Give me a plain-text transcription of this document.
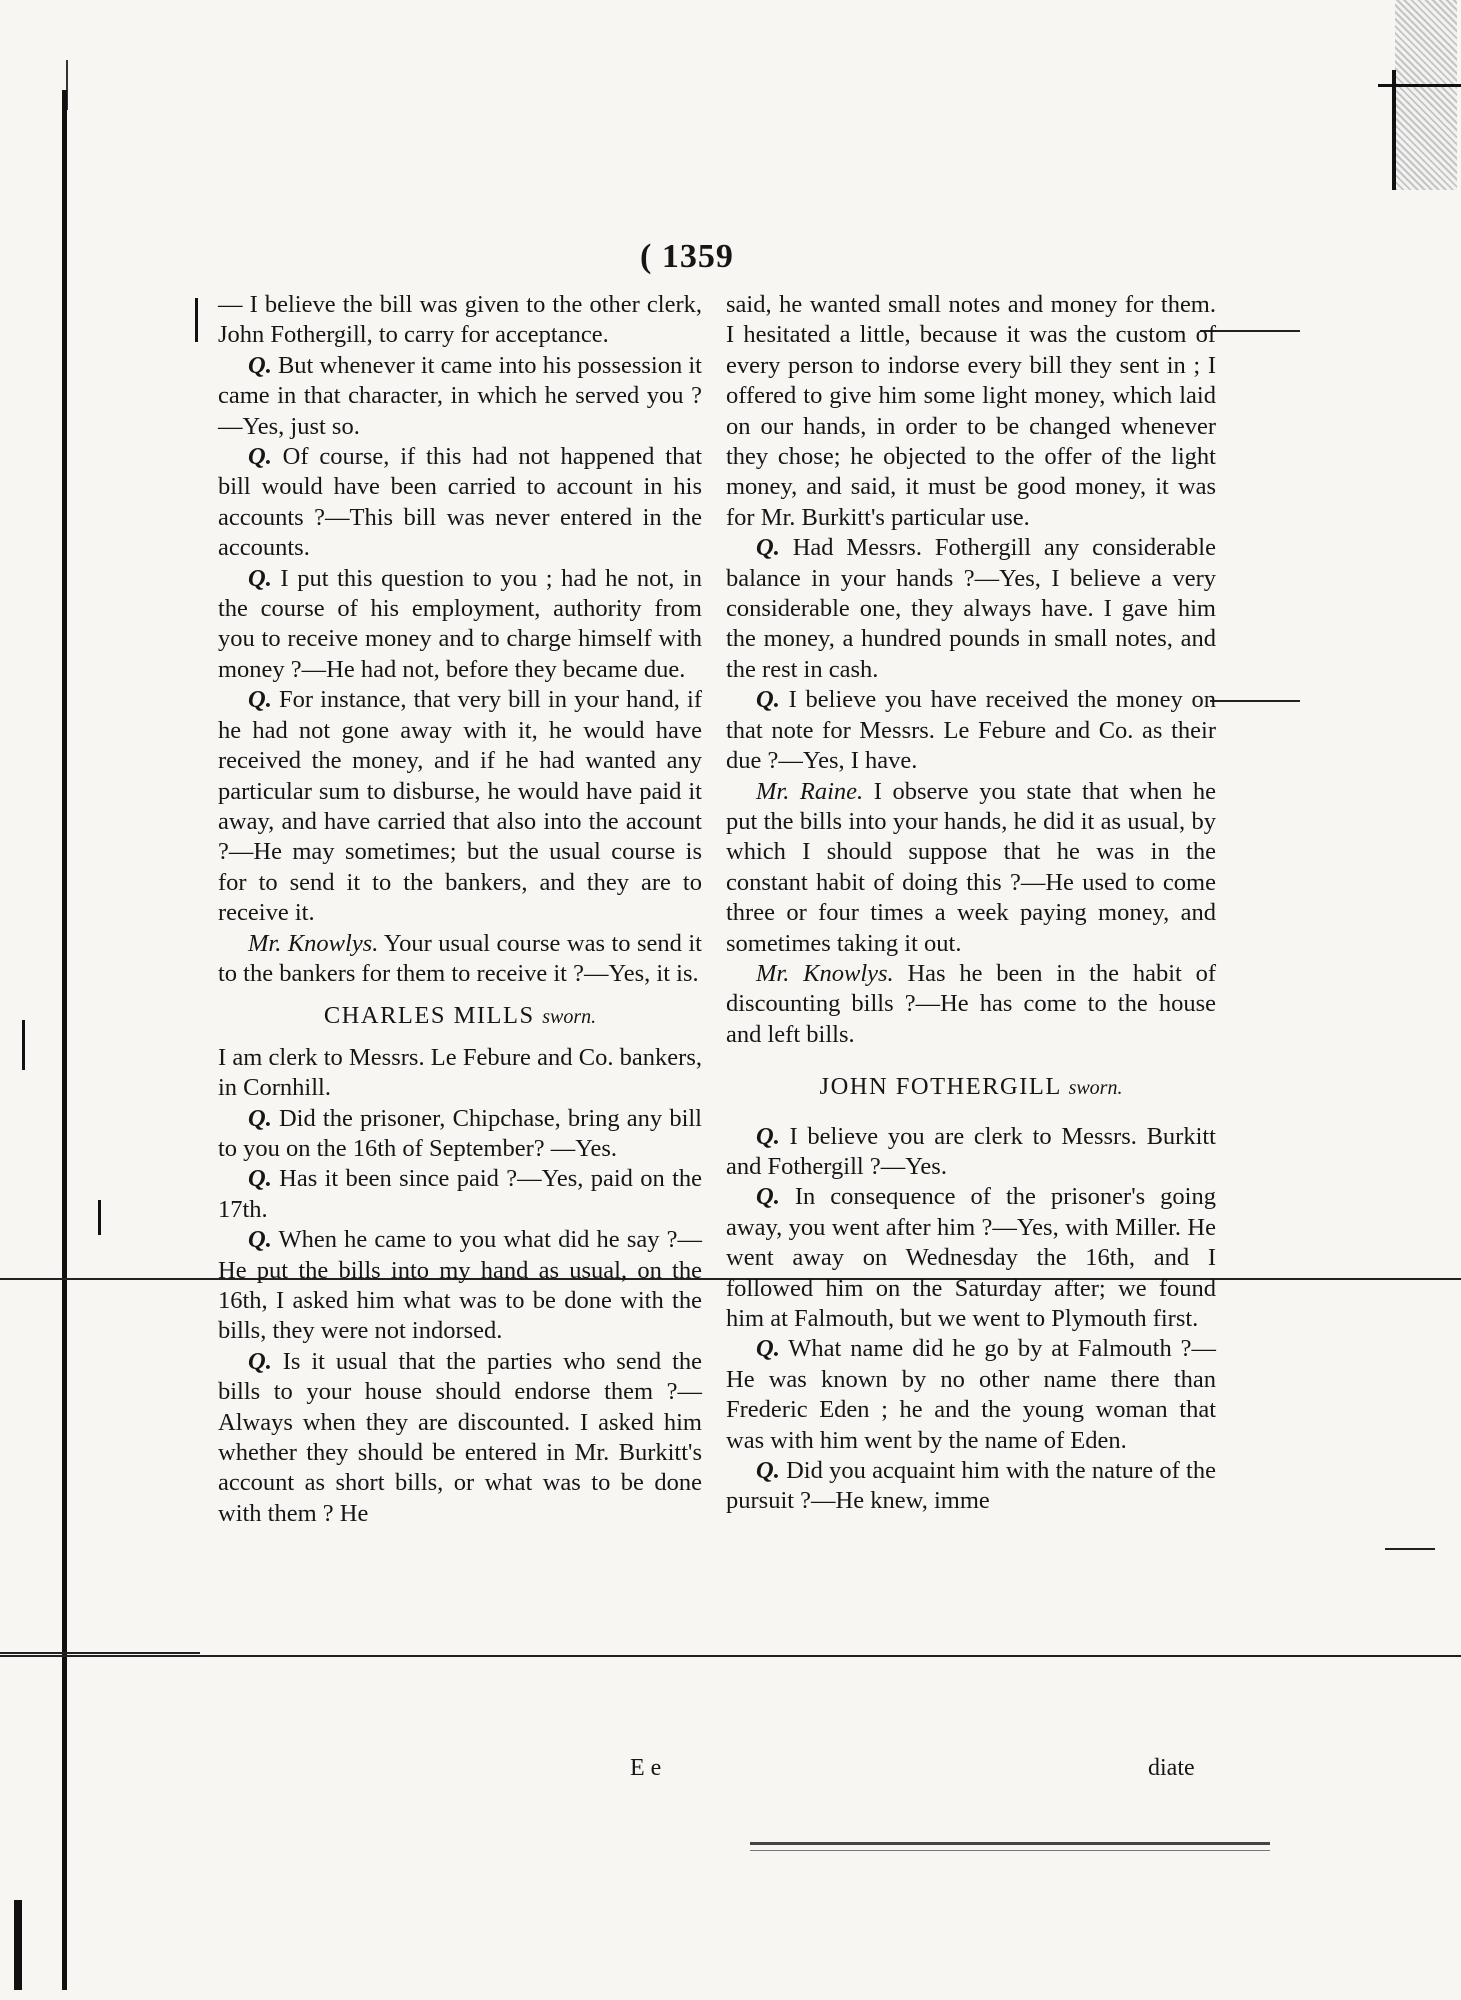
( 1359

— I believe the bill was given to the other clerk, John Fothergill, to carry for acceptance.

Q. But whenever it came into his possession it came in that character, in which he served you ?—Yes, just so.

Q. Of course, if this had not happened that bill would have been carried to account in his accounts ?—This bill was never entered in the accounts.

Q. I put this question to you ; had he not, in the course of his employment, authority from you to receive money and to charge himself with money ?—He had not, before they became due.

Q. For instance, that very bill in your hand, if he had not gone away with it, he would have received the money, and if he had wanted any particular sum to disburse, he would have paid it away, and have carried that also into the account ?—He may sometimes; but the usual course is for to send it to the bankers, and they are to receive it.

Mr. Knowlys. Your usual course was to send it to the bankers for them to receive it ?—Yes, it is.

CHARLES MILLS sworn.

I am clerk to Messrs. Le Febure and Co. bankers, in Cornhill.

Q. Did the prisoner, Chipchase, bring any bill to you on the 16th of September? —Yes.

Q. Has it been since paid ?—Yes, paid on the 17th.

Q. When he came to you what did he say ?—He put the bills into my hand as usual, on the 16th, I asked him what was to be done with the bills, they were not indorsed.

Q. Is it usual that the parties who send the bills to your house should endorse them ?—Always when they are discounted. I asked him whether they should be entered in Mr. Burkitt's account as short bills, or what was to be done with them ? He

said, he wanted small notes and money for them. I hesitated a little, because it was the custom of every person to indorse every bill they sent in ; I offered to give him some light money, which laid on our hands, in order to be changed whenever they chose; he objected to the offer of the light money, and said, it must be good money, it was for Mr. Burkitt's particular use.

Q. Had Messrs. Fothergill any considerable balance in your hands ?—Yes, I believe a very considerable one, they always have. I gave him the money, a hundred pounds in small notes, and the rest in cash.

Q. I believe you have received the money on that note for Messrs. Le Febure and Co. as their due ?—Yes, I have.

Mr. Raine. I observe you state that when he put the bills into your hands, he did it as usual, by which I should suppose that he was in the constant habit of doing this ?—He used to come three or four times a week paying money, and sometimes taking it out.

Mr. Knowlys. Has he been in the habit of discounting bills ?—He has come to the house and left bills.

JOHN FOTHERGILL sworn.

Q. I believe you are clerk to Messrs. Burkitt and Fothergill ?—Yes.

Q. In consequence of the prisoner's going away, you went after him ?—Yes, with Miller. He went away on Wednesday the 16th, and I followed him on the Saturday after; we found him at Falmouth, but we went to Plymouth first.

Q. What name did he go by at Falmouth ?—He was known by no other name there than Frederic Eden ; he and the young woman that was with him went by the name of Eden.

Q. Did you acquaint him with the nature of the pursuit ?—He knew, imme

E e	diate
